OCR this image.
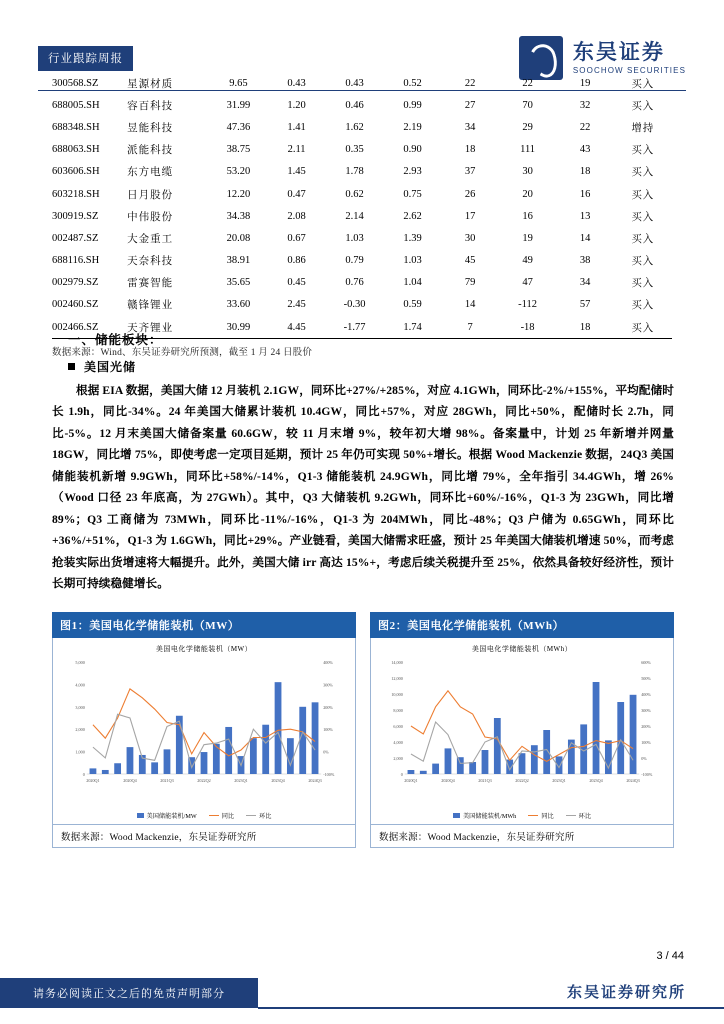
行业跟踪周报	东吴证券
SOOCHOW SECURITIES
300568.SZ	星源材质	9.65	0.43	0.43	0.52	22	22	19	买入
688005.SH	容百科技	31.99	1.20	0.46	0.99	27	70	32	买入
688348.SH	昱能科技	47.36	1.41	1.62	2.19	34	29	22	增持
688063.SH	派能科技	38.75	2.11	0.35	0.90	18	111	43	买入
603606.SH	东方电缆	53.20	1.45	1.78	2.93	37	30	18	买入
603218.SH	日月股份	12.20	0.47	0.62	0.75	26	20	16	买入
300919.SZ	中伟股份	34.38	2.08	2.14	2.62	17	16	13	买入
002487.SZ	大金重工	20.08	0.67	1.03	1.39	30	19	14	买入
688116.SH	天奈科技	38.91	0.86	0.79	1.03	45	49	38	买入
002979.SZ	雷赛智能	35.65	0.45	0.76	1.04	79	47	34	买入
002460.SZ	赣锋锂业	33.60	2.45	-0.30	0.59	14	-112	57	买入
002466.SZ	天齐锂业	30.99	4.45	-1.77	1.74	7	-18	18	买入
数据来源：Wind、东吴证券研究所预测，截至 1 月 24 日股价
一、储能板块：
美国光储
根据 EIA 数据，美国大储 12 月装机 2.1GW，同环比+27%/+285%，对应 4.1GWh，同环比-2%/+155%，平均配储时长 1.9h，同比-34%。24 年美国大储累计装机 10.4GW，同比+57%，对应 28GWh，同比+50%，配储时长 2.7h，同比-5%。12 月末美国大储备案量 60.6GW，较 11 月末增 9%，较年初大增 98%。备案量中，计划 25 年新增并网量 18GW，同比增 75%，即使考虑一定项目延期，预计 25 年仍可实现 50%+增长。根据 Wood Mackenzie 数据，24Q3 美国储能装机新增 9.9GWh，同环比+58%/-14%，Q1-3 储能装机 24.9GWh，同比增 79%，全年指引 34.4GWh，增 26%（Wood 口径 23 年底高，为 27GWh）。其中，Q3 大储装机 9.2GWh，同环比+60%/-16%，Q1-3 为 23GWh，同比增 89%；Q3 工商储为 73MWh，同环比-11%/-16%，Q1-3 为 204MWh，同比-48%；Q3 户储为 0.65GWh，同环比+36%/+51%，Q1-3 为 1.6GWh，同比+29%。产业链看，美国大储需求旺盛，预计 25 年美国大储装机增速 50%，而考虑抢装实际出货增速将大幅提升。此外，美国大储 irr 高达 15%+，考虑后续关税提升至 25%，依然具备较好经济性，预计长期可持续稳健增长。
图1：美国电化学储能装机（MW）
美国电化学储能装机（MW）
5,000
4,000
3,000
2,000
1,000
0
400%
300%
200%
100%
0%
-100%
2020Q1	2020Q4	2021Q3	2022Q2	2023Q1	2023Q4	2024Q3
美国储能装机/MW	同比	环比
数据来源：Wood Mackenzie，东吴证券研究所
图2：美国电化学储能装机（MWh）
美国电化学储能装机（MWh）
14,000
12,000
10,000
8,000
6,000
4,000
2,000
0
600%
500%
400%
300%
200%
100%
0%
-100%
2020Q1	2020Q4	2021Q3	2022Q2	2023Q1	2023Q4	2024Q3
美国储能装机/MWh	同比	环比
数据来源：Wood Mackenzie，东吴证券研究所
3 / 44
请务必阅读正文之后的免责声明部分	东吴证券研究所
